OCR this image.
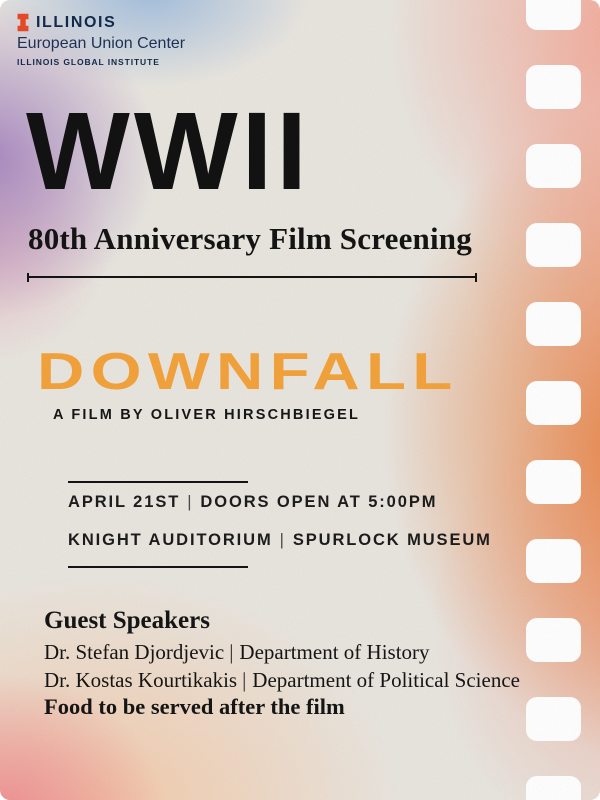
ILLINOIS
European Union Center
ILLINOIS GLOBAL INSTITUTE
WWII
80th Anniversary Film Screening
DOWNFALL
A FILM BY OLIVER HIRSCHBIEGEL

APRIL 21ST | DOORS OPEN AT 5:00PM

KNIGHT AUDITORIUM | SPURLOCK MUSEUM

Guest Speakers

Dr. Stefan Djordjevic | Department of History

Dr. Kostas Kourtikakis | Department of Political Science

Food to be served after the film
